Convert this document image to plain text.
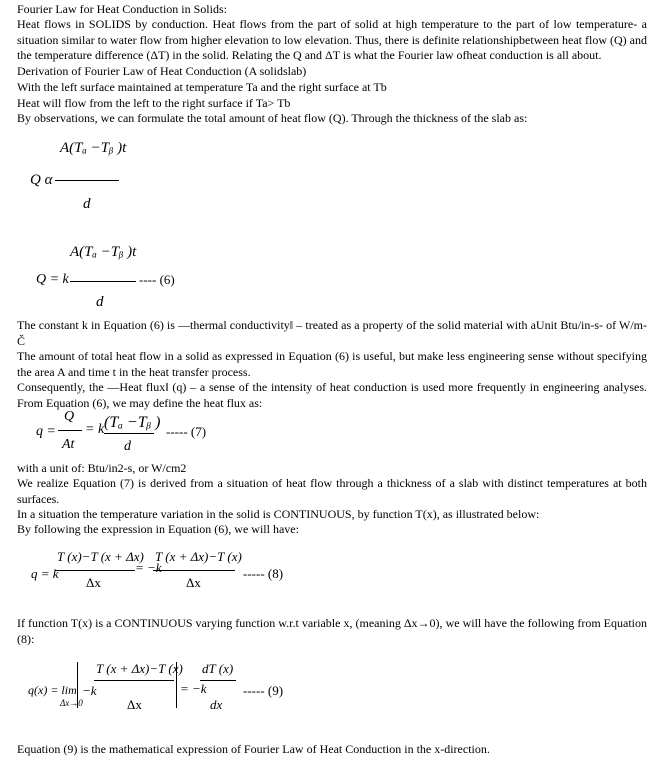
Fourier Law for Heat Conduction in Solids:

Heat flows in SOLIDS by conduction. Heat flows from the part of solid at high temperature to the part of low temperature- a situation similar to water flow from higher elevation to low elevation. Thus, there is definite relationshipbetween heat flow (Q) and the temperature difference (ΔT) in the solid. Relating the Q and ΔT is what the Fourier law ofheat conduction is all about.

Derivation of Fourier Law of Heat Conduction (A solidslab)

With the left surface maintained at temperature Ta and the right surface at Tb

Heat will flow from the left to the right surface if Ta> Tb

By observations, we can formulate the total amount of heat flow (Q). Through the thickness of the slab as:

A(Tₐ −Tᵦ )t
Q α
d
A(Tₐ −Tᵦ )t
Q = k	---- (6)
d

The constant k in Equation (6) is —thermal conductivity‖ – treated as a property of the solid material with aUnit Btu/in-s- of W/m-Č

The amount of total heat flow in a solid as expressed in Equation (6) is useful, but make less engineering sense without specifying the area A and time t in the heat transfer process.

Consequently, the —Heat flux‖ (q) – a sense of the intensity of heat conduction is used more frequently in engineering analyses. From Equation (6), we may define the heat flux as:

q =
Q
At
= k (Tₐ −Tᵦ )
d
----- (7)

with a unit of: Btu/in2-s, or W/cm2

We realize Equation (7) is derived from a situation of heat flow through a thickness of a slab with distinct temperatures at both surfaces.

In a situation the temperature variation in the solid is CONTINUOUS, by function T(x), as illustrated below:

By following the expression in Equation (6), we will have:

q = k
T (x)−T (x + Δx)
Δx
= −k
T (x + Δx)−T (x)
Δx
----- (8)

If function T(x) is a CONTINUOUS varying function w.r.t variable x, (meaning Δx→0), we will have the following from Equation (8):

q(x) = lim
Δx→0
−k
T (x + Δx)−T (x)
Δx
= −k
dT (x)
dx
----- (9)

Equation (9) is the mathematical expression of Fourier Law of Heat Conduction in the x-direction.
